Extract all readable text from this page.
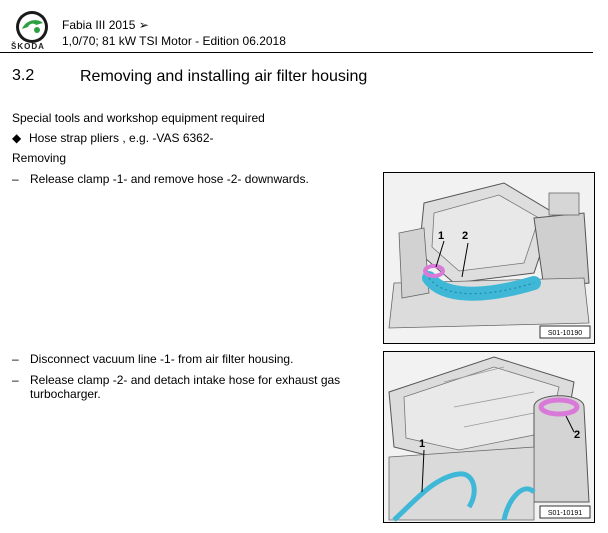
ŠKODA
Fabia III 2015 ➢
1,0/70; 81 kW TSI Motor - Edition 06.2018
3.2	Removing and installing air filter housing
Special tools and workshop equipment required
◆ Hose strap pliers , e.g. -VAS 6362-
Removing
– Release clamp -1- and remove hose -2- downwards.
– Disconnect vacuum line -1- from air filter housing.
– Release clamp -2- and detach intake hose for exhaust gas turbocharger.
1 2
S01-10190
1
2
S01-10191
